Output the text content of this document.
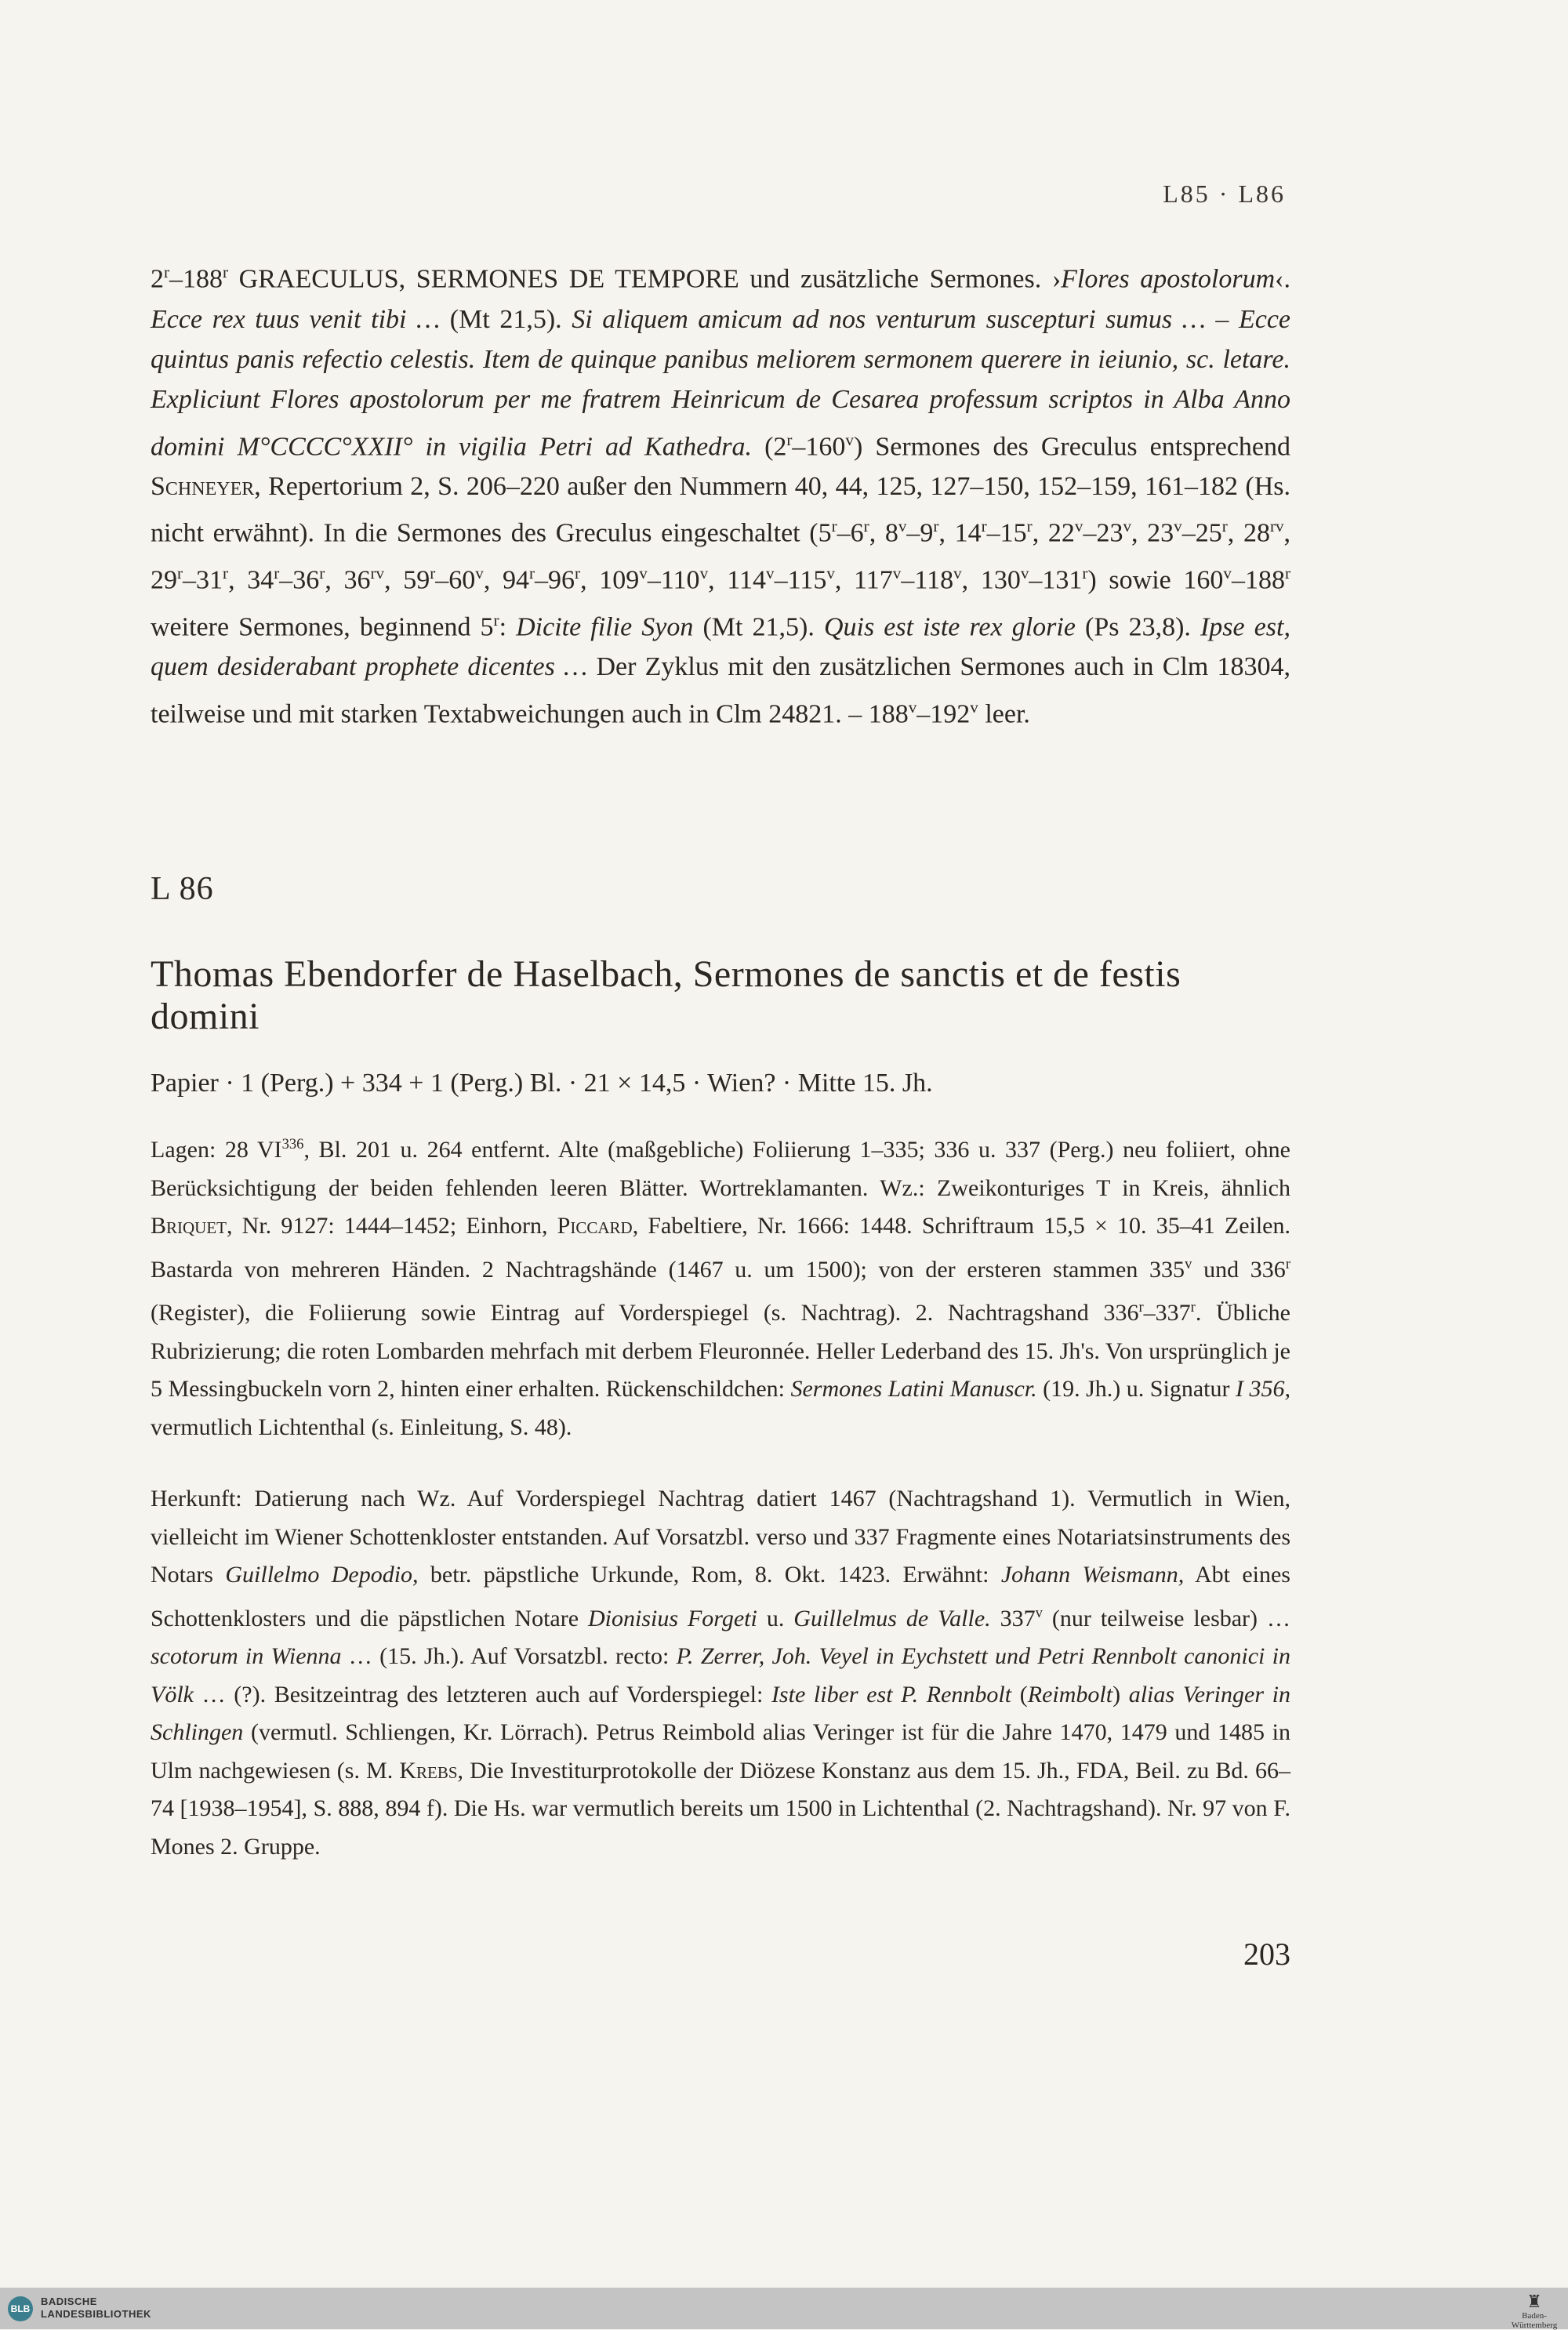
L85 · L86
2$^r$–188$^r$ GRAECULUS, SERMONES DE TEMPORE und zusätzliche Sermones. ›Flores apostolorum‹. Ecce rex tuus venit tibi … (Mt 21,5). Si aliquem amicum ad nos venturum suscepturi sumus … – Ecce quintus panis refectio celestis. Item de quinque panibus meliorem sermonem querere in ieiunio, sc. letare. Expliciunt Flores apostolorum per me fratrem Heinricum de Cesarea professum scriptos in Alba Anno domini M°CCCC°XXII° in vigilia Petri ad Kathedra. (2$^r$–160$^v$) Sermones des Greculus entsprechend Schneyer, Repertorium 2, S. 206–220 außer den Nummern 40, 44, 125, 127–150, 152–159, 161–182 (Hs. nicht erwähnt). In die Sermones des Greculus eingeschaltet (5$^r$–6$^r$, 8$^v$–9$^r$, 14$^r$–15$^r$, 22$^v$–23$^v$, 23$^v$–25$^r$, $28^{rv}$, 29$^r$–31$^r$, 34$^r$–36$^r$, $36^{rv}$, 59$^r$–60$^v$, 94$^r$–96$^r$, 109$^v$–110$^v$, 114$^v$–115$^v$, 117$^v$–118$^v$, 130$^v$–131$^r$) sowie 160$^v$–188$^r$ weitere Sermones, beginnend 5$^r$: Dicite filie Syon (Mt 21,5). Quis est iste rex glorie (Ps 23,8). Ipse est, quem desiderabant prophete dicentes … Der Zyklus mit den zusätzlichen Sermones auch in Clm 18304, teilweise und mit starken Textabweichungen auch in Clm 24821. – 188$^v$–192$^v$ leer.
L 86
Thomas Ebendorfer de Haselbach, Sermones de sanctis et de festis domini
Papier · 1 (Perg.) + 334 + 1 (Perg.) Bl. · 21 × 14,5 · Wien? · Mitte 15. Jh.
Lagen: 28 VI$^{336}$, Bl. 201 u. 264 entfernt. Alte (maßgebliche) Foliierung 1–335; 336 u. 337 (Perg.) neu foliiert, ohne Berücksichtigung der beiden fehlenden leeren Blätter. Wortreklamanten. Wz.: Zweikonturiges T in Kreis, ähnlich Briquet, Nr. 9127: 1444–1452; Einhorn, Piccard, Fabeltiere, Nr. 1666: 1448. Schriftraum 15,5 × 10. 35–41 Zeilen. Bastarda von mehreren Händen. 2 Nachtragshände (1467 u. um 1500); von der ersteren stammen 335$^v$ und 336$^r$ (Register), die Foliierung sowie Eintrag auf Vorderspiegel (s. Nachtrag). 2. Nachtragshand 336$^r$–337$^r$. Übliche Rubrizierung; die roten Lombarden mehrfach mit derbem Fleuronnée. Heller Lederband des 15. Jh's. Von ursprünglich je 5 Messingbuckeln vorn 2, hinten einer erhalten. Rückenschildchen: Sermones Latini Manuscr. (19. Jh.) u. Signatur I 356, vermutlich Lichtenthal (s. Einleitung, S. 48).
Herkunft: Datierung nach Wz. Auf Vorderspiegel Nachtrag datiert 1467 (Nachtragshand 1). Vermutlich in Wien, vielleicht im Wiener Schottenkloster entstanden. Auf Vorsatzbl. verso und 337 Fragmente eines Notariatsinstruments des Notars Guillelmo Depodio, betr. päpstliche Urkunde, Rom, 8. Okt. 1423. Erwähnt: Johann Weismann, Abt eines Schottenklosters und die päpstlichen Notare Dionisius Forgeti u. Guillelmus de Valle. 337$^v$ (nur teilweise lesbar) … scotorum in Wienna … (15. Jh.). Auf Vorsatzbl. recto: P. Zerrer, Joh. Veyel in Eychstett und Petri Rennbolt canonici in Völk … (?). Besitzeintrag des letzteren auch auf Vorderspiegel: Iste liber est P. Rennbolt (Reimbolt) alias Veringer in Schlingen (vermutl. Schliengen, Kr. Lörrach). Petrus Reimbold alias Veringer ist für die Jahre 1470, 1479 und 1485 in Ulm nachgewiesen (s. M. Krebs, Die Investiturprotokolle der Diözese Konstanz aus dem 15. Jh., FDA, Beil. zu Bd. 66–74 [1938–1954], S. 888, 894 f). Die Hs. war vermutlich bereits um 1500 in Lichtenthal (2. Nachtragshand). Nr. 97 von F. Mones 2. Gruppe.
203
BLB
BADISCHE
LANDESBIBLIOTHEK
♜
Baden-Württemberg
